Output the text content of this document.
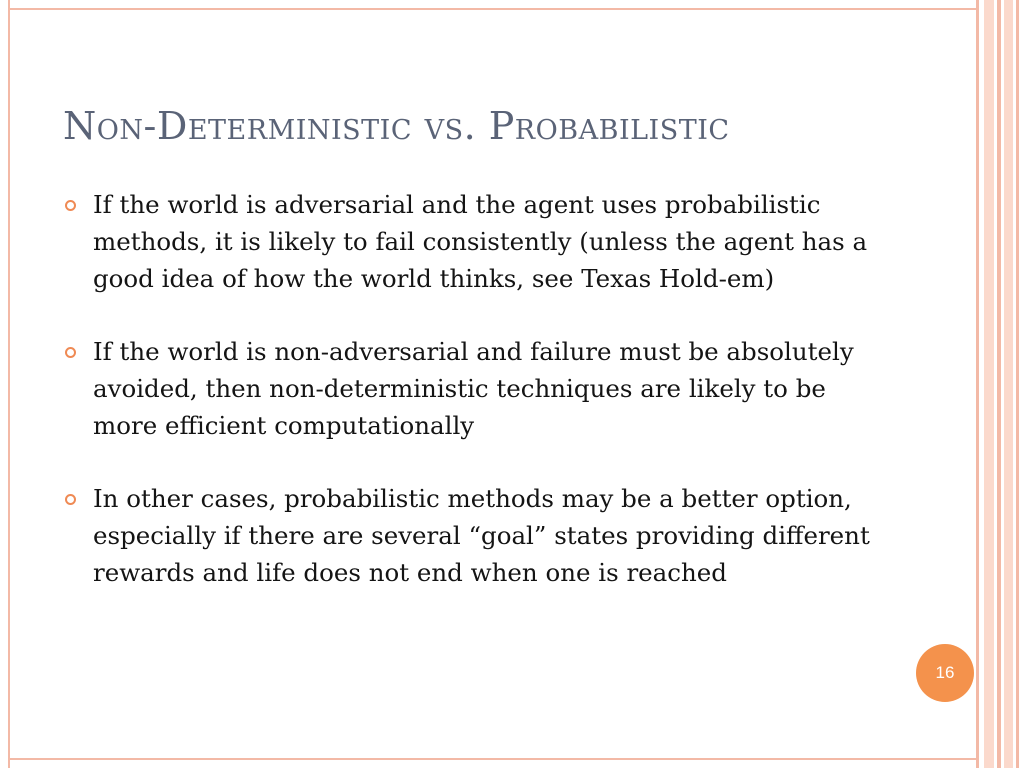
Non-Deterministic vs. Probabilistic
If the world is adversarial and the agent uses probabilistic methods, it is likely to fail consistently (unless the agent has a good idea of how the world thinks, see Texas Hold-em)
If the world is non-adversarial and failure must be absolutely avoided, then non-deterministic techniques are likely to be more efficient computationally
In other cases, probabilistic methods may be a better option, especially if there are several “goal” states providing different rewards and life does not end when one is reached
16
